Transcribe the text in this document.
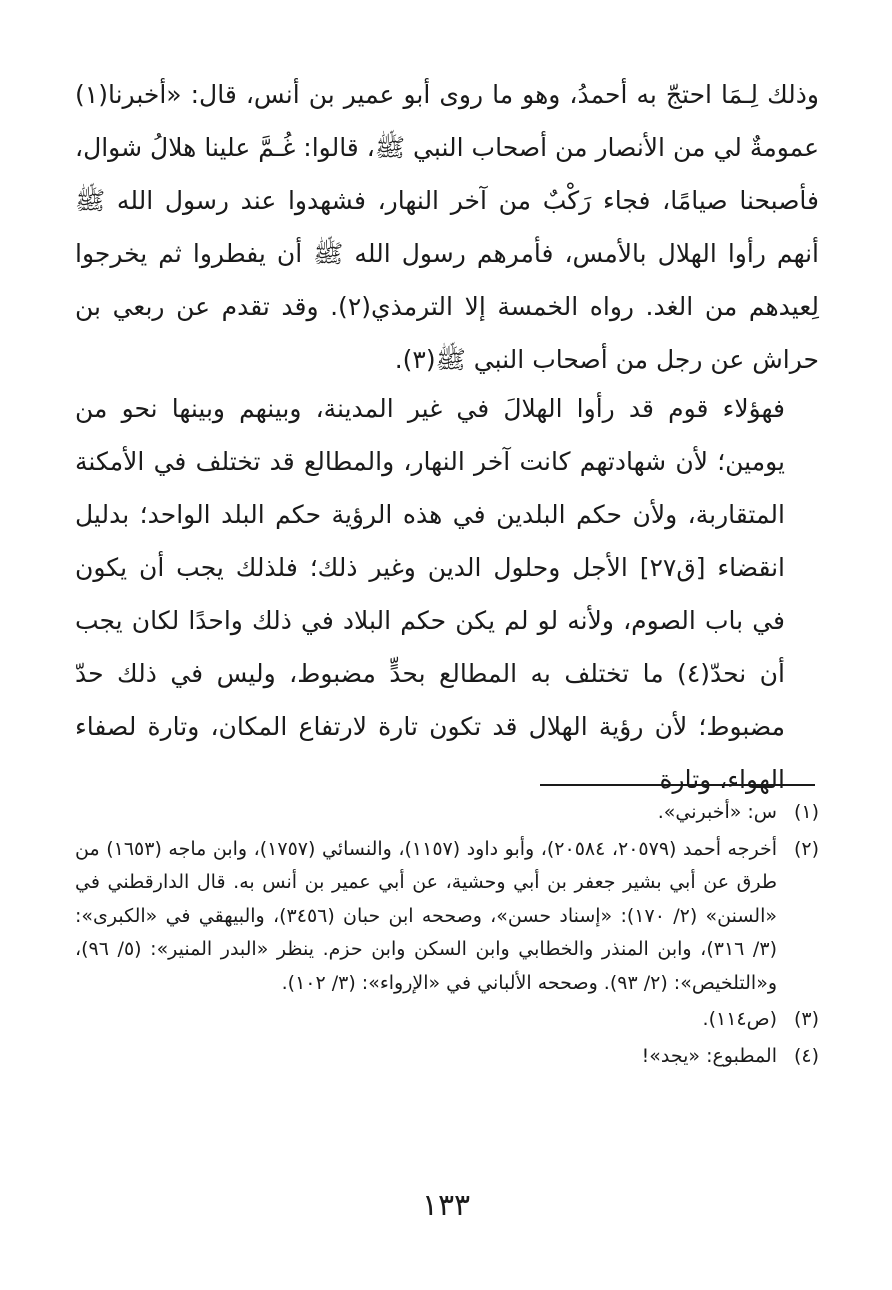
وذلك لِـمَا احتجّ به أحمدُ، وهو ما روى أبو عمير بن أنس، قال: «أخبرنا(١) عمومةٌ لي من الأنصار من أصحاب النبي ﷺ، قالوا: غُـمَّ علينا هلالُ شوال، فأصبحنا صيامًا، فجاء رَكْبٌ من آخر النهار، فشهدوا عند رسول الله ﷺ أنهم رأوا الهلال بالأمس، فأمرهم رسول الله ﷺ أن يفطروا ثم يخرجوا لِعيدهم من الغد. رواه الخمسة إلا الترمذي(٢). وقد تقدم عن ربعي بن حراش عن رجل من أصحاب النبي ﷺ(٣).

فهؤلاء قوم قد رأوا الهلالَ في غير المدينة، وبينهم وبينها نحو من يومين؛ لأن شهادتهم كانت آخر النهار، والمطالع قد تختلف في الأمكنة المتقاربة، ولأن حكم البلدين في هذه الرؤية حكم البلد الواحد؛ بدليل انقضاء [ق٢٧] الأجل وحلول الدين وغير ذلك؛ فلذلك يجب أن يكون في باب الصوم، ولأنه لو لم يكن حكم البلاد في ذلك واحدًا لكان يجب أن نحدّ(٤) ما تختلف به المطالع بحدٍّ مضبوط، وليس في ذلك حدّ مضبوط؛ لأن رؤية الهلال قد تكون تارة لارتفاع المكان، وتارة لصفاء الهواء، وتارة

(١)
س: «أخبرني».
(٢)
أخرجه أحمد (٢٠٥٧٩، ٢٠٥٨٤)، وأبو داود (١١٥٧)، والنسائي (١٧٥٧)، وابن ماجه (١٦٥٣) من طرق عن أبي بشير جعفر بن أبي وحشية، عن أبي عمير بن أنس به. قال الدارقطني في «السنن» (٢/ ١٧٠): «إسناد حسن»، وصححه ابن حبان (٣٤٥٦)، والبيهقي في «الكبرى»: (٣/ ٣١٦)، وابن المنذر والخطابي وابن السكن وابن حزم. ينظر «البدر المنير»: (٥/ ٩٦)، و«التلخيص»: (٢/ ٩٣). وصححه الألباني في «الإرواء»: (٣/ ١٠٢).
(٣)
(ص١١٤).
(٤)
المطبوع: «يجد»!
١٣٣
